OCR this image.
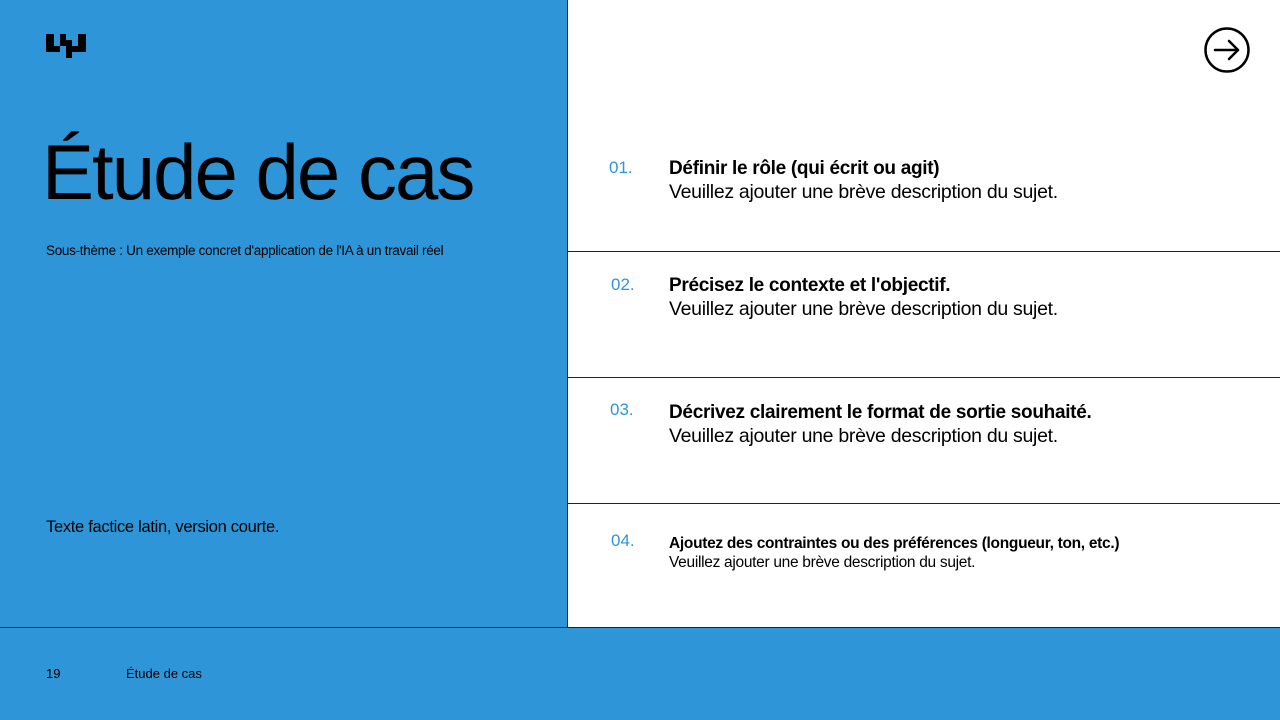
Étude de cas
Sous-thème : Un exemple concret d'application de l'IA à un travail réel
Texte factice latin, version courte.
01. Définir le rôle (qui écrit ou agit)
Veuillez ajouter une brève description du sujet.
02. Précisez le contexte et l'objectif.
Veuillez ajouter une brève description du sujet.
03. Décrivez clairement le format de sortie souhaité.
Veuillez ajouter une brève description du sujet.
04. Ajoutez des contraintes ou des préférences (longueur, ton, etc.)
Veuillez ajouter une brève description du sujet.
19	Étude de cas
